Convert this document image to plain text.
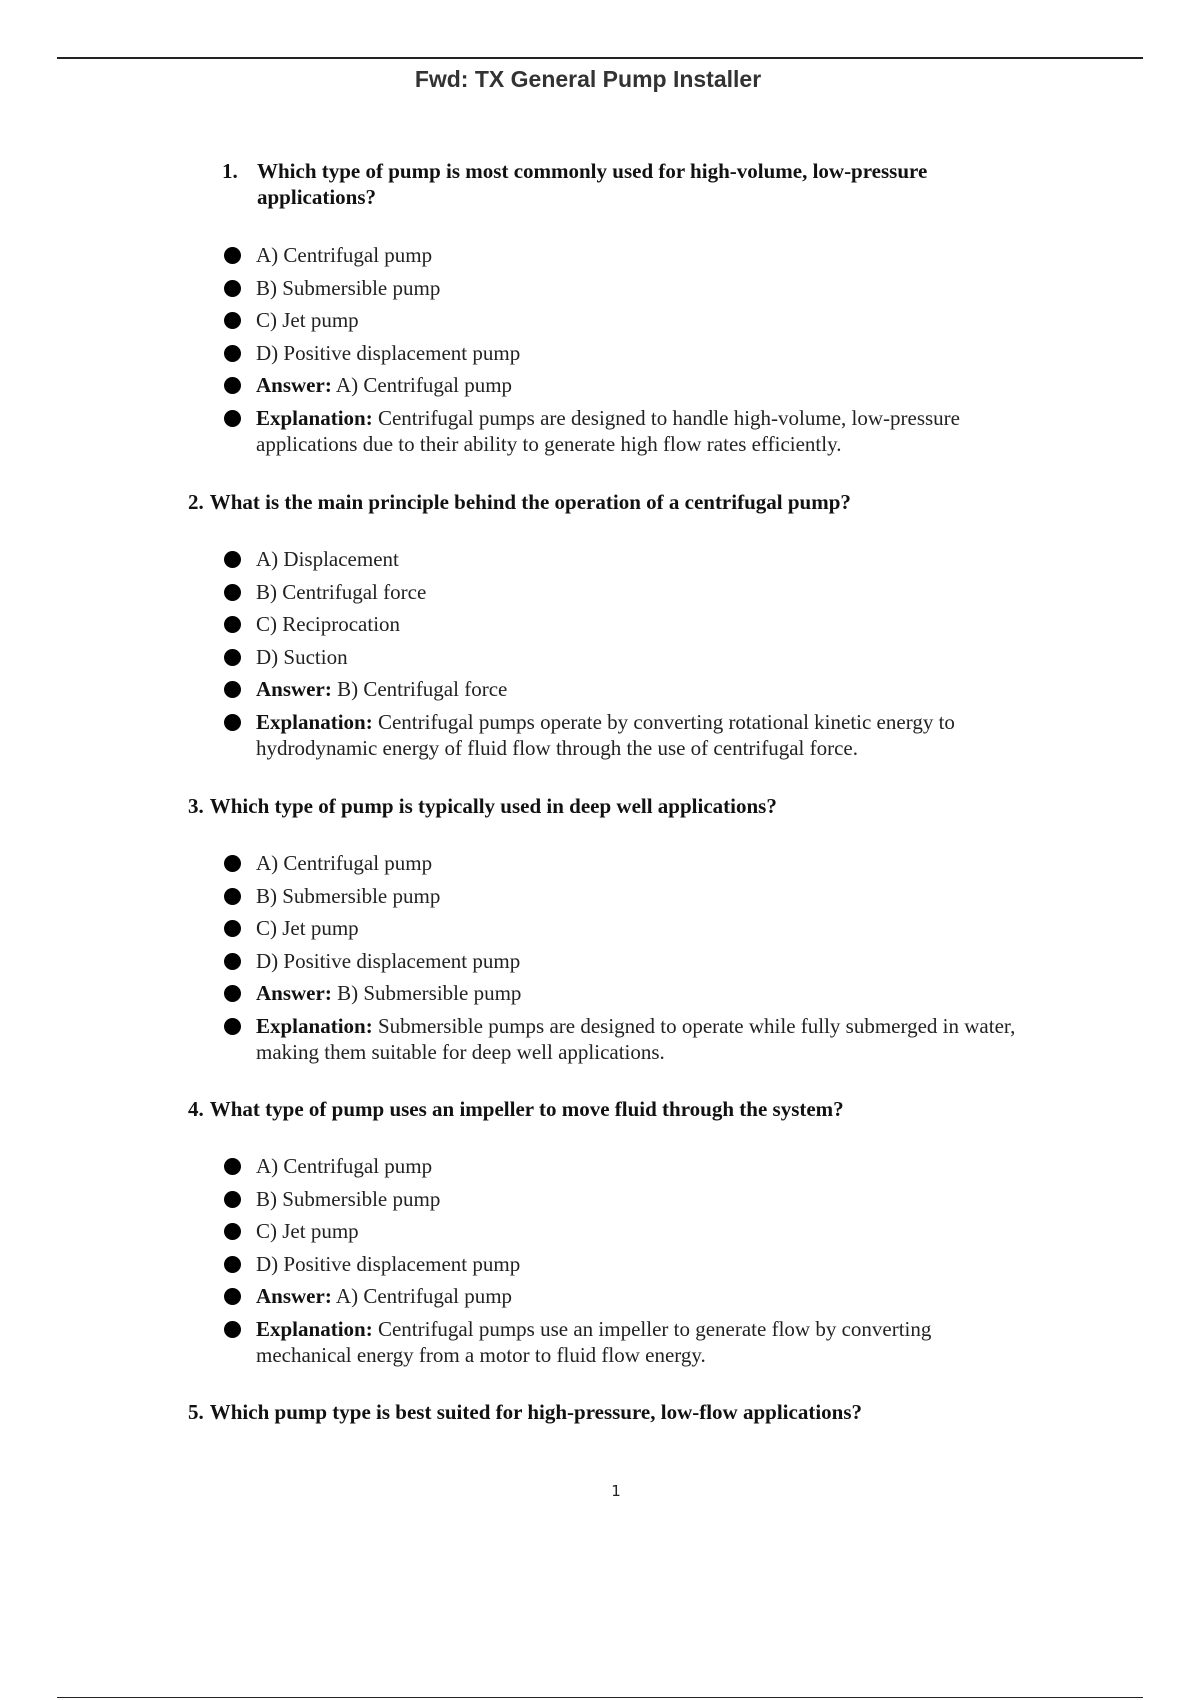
Fwd: TX General Pump Installer
1. Which type of pump is most commonly used for high-volume, low-pressure applications?
A) Centrifugal pump
B) Submersible pump
C) Jet pump
D) Positive displacement pump
Answer: A) Centrifugal pump
Explanation: Centrifugal pumps are designed to handle high-volume, low-pressure applications due to their ability to generate high flow rates efficiently.
2. What is the main principle behind the operation of a centrifugal pump?
A) Displacement
B) Centrifugal force
C) Reciprocation
D) Suction
Answer: B) Centrifugal force
Explanation: Centrifugal pumps operate by converting rotational kinetic energy to hydrodynamic energy of fluid flow through the use of centrifugal force.
3. Which type of pump is typically used in deep well applications?
A) Centrifugal pump
B) Submersible pump
C) Jet pump
D) Positive displacement pump
Answer: B) Submersible pump
Explanation: Submersible pumps are designed to operate while fully submerged in water, making them suitable for deep well applications.
4. What type of pump uses an impeller to move fluid through the system?
A) Centrifugal pump
B) Submersible pump
C) Jet pump
D) Positive displacement pump
Answer: A) Centrifugal pump
Explanation: Centrifugal pumps use an impeller to generate flow by converting mechanical energy from a motor to fluid flow energy.
5. Which pump type is best suited for high-pressure, low-flow applications?
1
